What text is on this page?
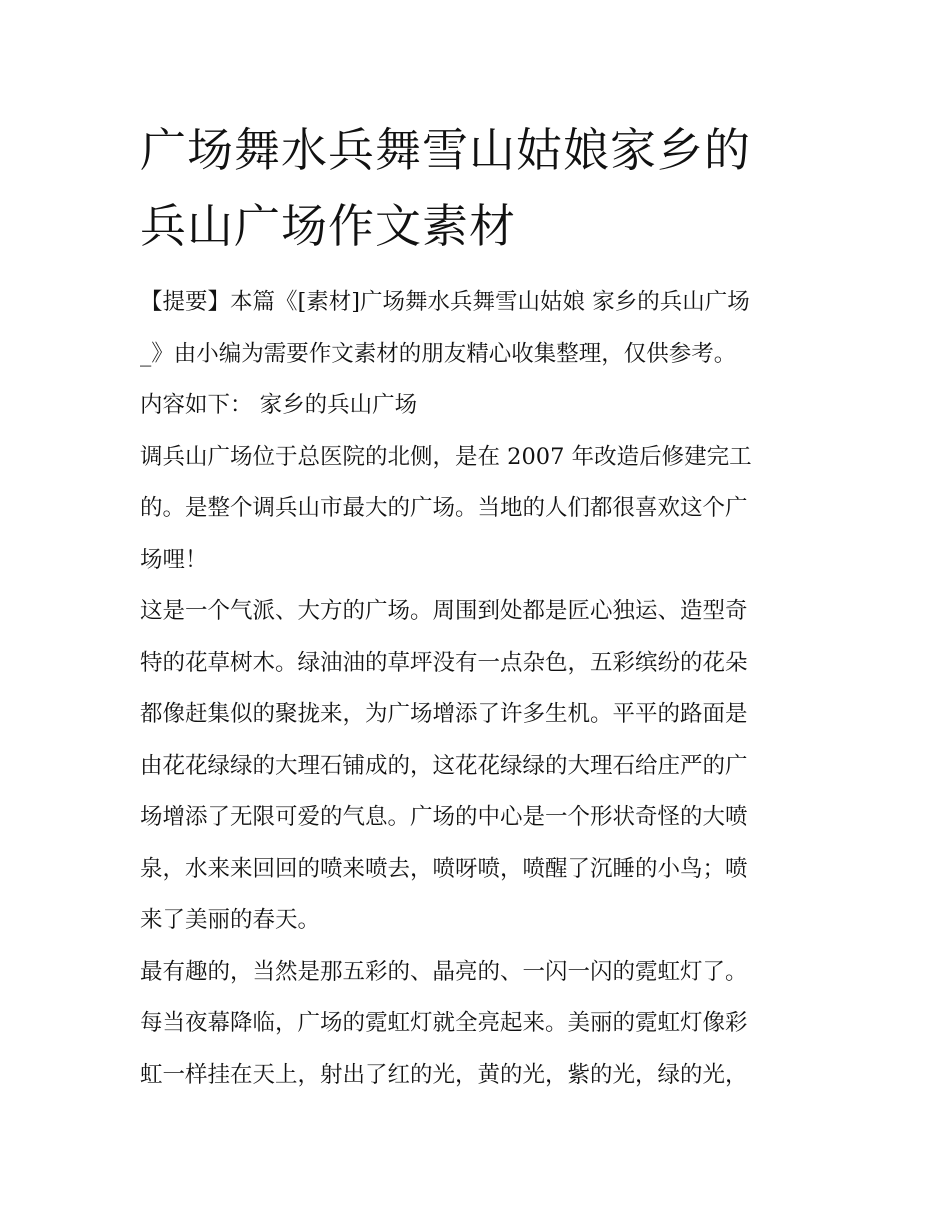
广场舞水兵舞雪山姑娘家乡的
兵山广场作文素材
【提要】本篇《[素材]广场舞水兵舞雪山姑娘 家乡的兵山广场
_》由小编为需要作文素材的朋友精心收集整理，仅供参考。
内容如下： 家乡的兵山广场
调兵山广场位于总医院的北侧，是在 2007 年改造后修建完工
的。是整个调兵山市最大的广场。当地的人们都很喜欢这个广
场哩！
这是一个气派、大方的广场。周围到处都是匠心独运、造型奇
特的花草树木。绿油油的草坪没有一点杂色，五彩缤纷的花朵
都像赶集似的聚拢来，为广场增添了许多生机。平平的路面是
由花花绿绿的大理石铺成的，这花花绿绿的大理石给庄严的广
场增添了无限可爱的气息。广场的中心是一个形状奇怪的大喷
泉，水来来回回的喷来喷去，喷呀喷，喷醒了沉睡的小鸟；喷
来了美丽的春天。
最有趣的，当然是那五彩的、晶亮的、一闪一闪的霓虹灯了。
每当夜幕降临，广场的霓虹灯就全亮起来。美丽的霓虹灯像彩
虹一样挂在天上，射出了红的光，黄的光，紫的光，绿的光，
